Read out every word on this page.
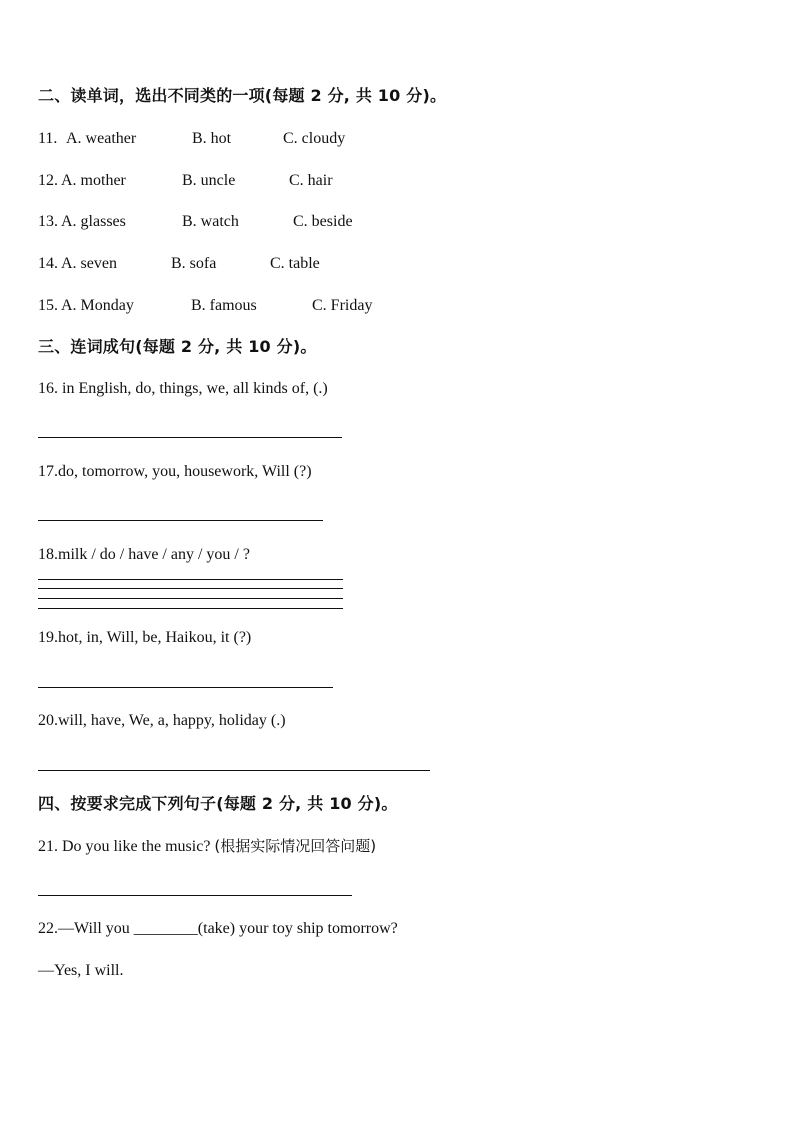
二、读单词，选出不同类的一项(每题 2 分, 共 10 分)。
11. A. weather	B. hot	C. cloudy
12. A. mother	B. uncle	C. hair
13. A. glasses	B. watch	C. beside
14. A. seven	B. sofa	C. table
15. A. Monday	B. famous	C. Friday
三、连词成句(每题 2 分, 共 10 分)。
16. in English, do, things, we, all kinds of, (.)
17.do, tomorrow, you, housework, Will (?)
18.milk / do / have / any / you / ?
19.hot, in, Will, be, Haikou, it (?)
20.will, have, We, a, happy, holiday (.)
四、按要求完成下列句子(每题 2 分, 共 10 分)。
21. Do you like the music? (根据实际情况回答问题)
22.—Will you ________(take) your toy ship tomorrow?
—Yes, I will.
